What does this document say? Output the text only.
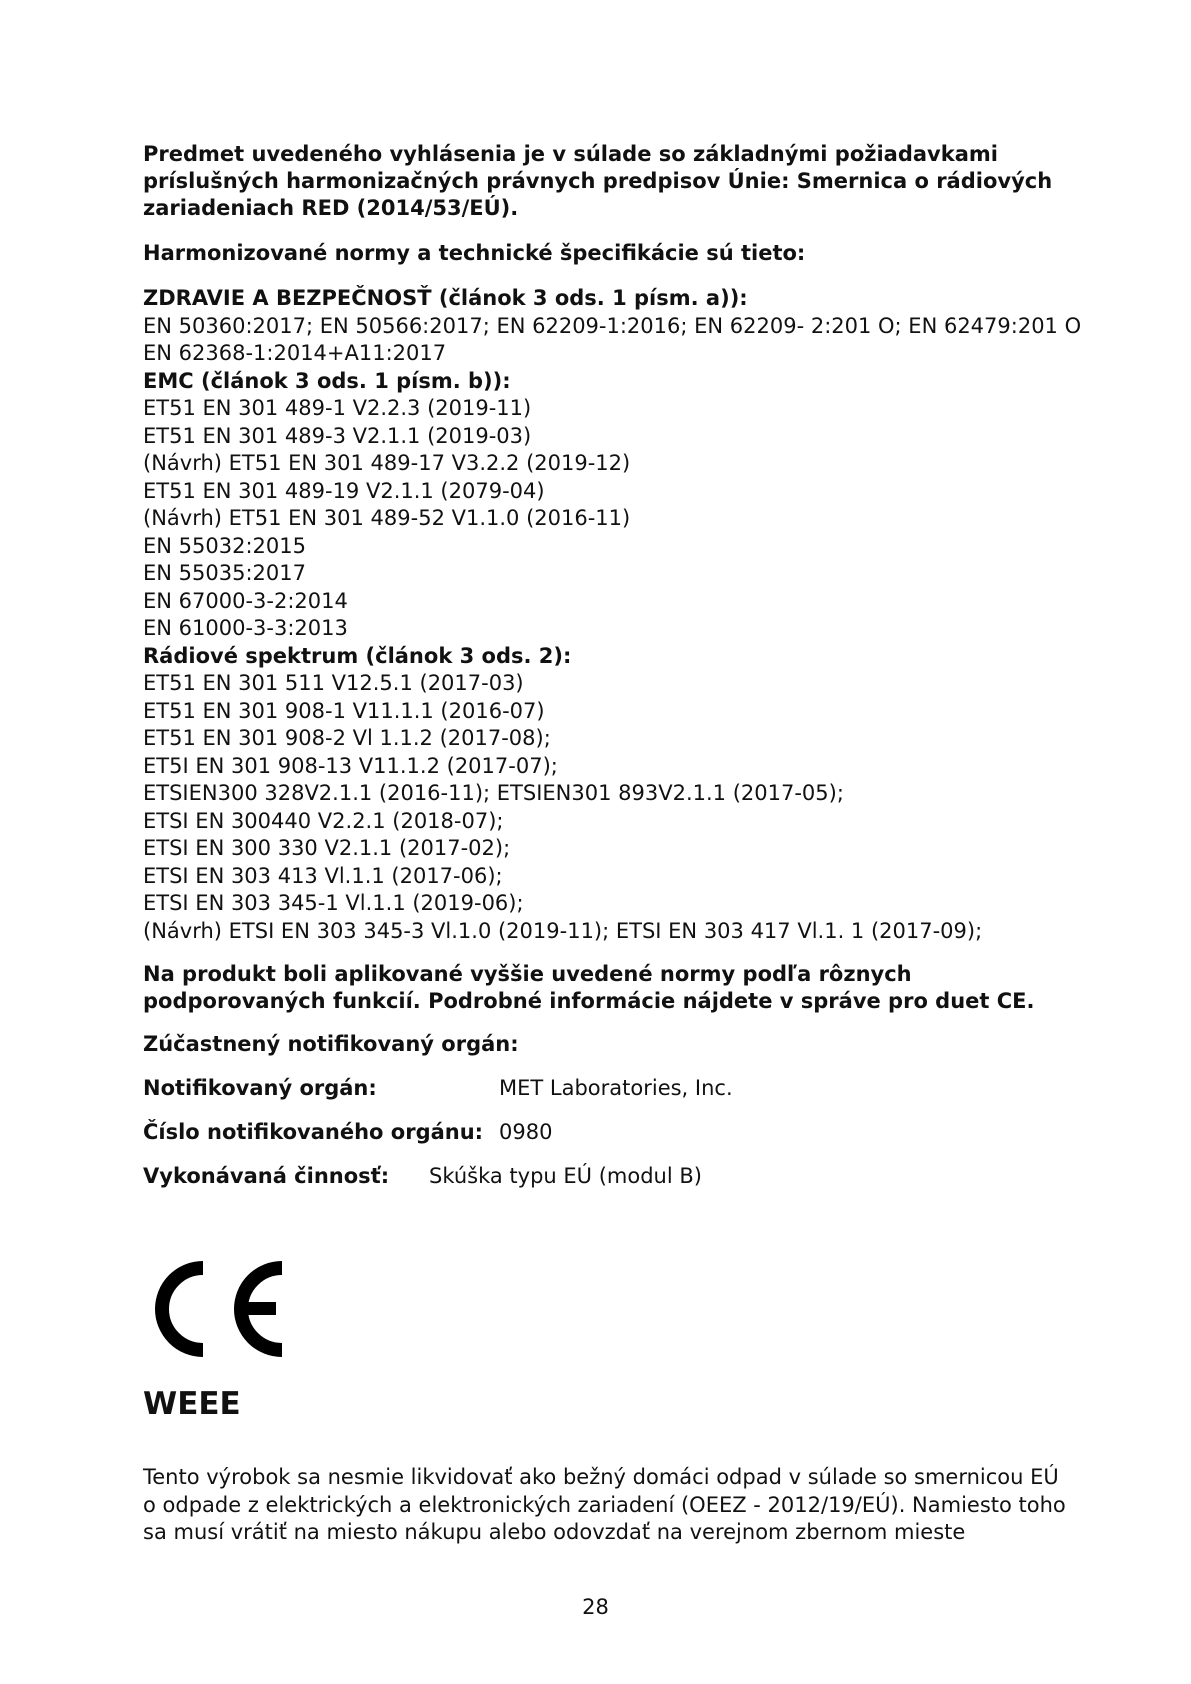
Predmet uvedeného vyhlásenia je v súlade so základnými požiadavkami príslušných harmonizačných právnych predpisov Únie: Smernica o rádiových zariadeniach RED (2014/53/EÚ).

Harmonizované normy a technické špecifikácie sú tieto:

ZDRAVIE A BEZPEČNOSŤ (článok 3 ods. 1 písm. a)):

EN 50360:2017; EN 50566:2017; EN 62209-1:2016; EN 62209- 2:201 O; EN 62479:201 O

EN 62368-1:2014+A11:2017

EMC (článok 3 ods. 1 písm. b)):

ET51 EN 301 489-1 V2.2.3 (2019-11)

ET51 EN 301 489-3 V2.1.1 (2019-03)

(Návrh) ET51 EN 301 489-17 V3.2.2 (2019-12)

ET51 EN 301 489-19 V2.1.1 (2079-04)

(Návrh) ET51 EN 301 489-52 V1.1.0 (2016-11)

EN 55032:2015

EN 55035:2017

EN 67000-3-2:2014

EN 61000-3-3:2013

Rádiové spektrum (článok 3 ods. 2):

ET51 EN 301 511 V12.5.1 (2017-03)

ET51 EN 301 908-1 V11.1.1 (2016-07)

ET51 EN 301 908-2 Vl 1.1.2 (2017-08);

ET5I EN 301 908-13 V11.1.2 (2017-07);

ETSIEN300 328V2.1.1 (2016-11); ETSIEN301 893V2.1.1 (2017-05);

ETSI EN 300440 V2.2.1 (2018-07);

ETSI EN 300 330 V2.1.1 (2017-02);

ETSI EN 303 413 Vl.1.1 (2017-06);

ETSI EN 303 345-1 Vl.1.1 (2019-06);

(Návrh) ETSI EN 303 345-3 Vl.1.0 (2019-11); ETSI EN 303 417 Vl.1. 1 (2017-09);

Na produkt boli aplikované vyššie uvedené normy podľa rôznych podporovaných funkcií. Podrobné informácie nájdete v správe pro duet CE.

Zúčastnený notifikovaný orgán:

Notifikovaný orgán:	MET Laboratories, Inc.

Číslo notifikovaného orgánu: 0980

Vykonávaná činnosť: Skúška typu EÚ (modul B)

WEEE

Tento výrobok sa nesmie likvidovať ako bežný domáci odpad v súlade so smernicou EÚ o odpade z elektrických a elektronických zariadení (OEEZ - 2012/19/EÚ). Namiesto toho sa musí vrátiť na miesto nákupu alebo odovzdať na verejnom zbernom mieste

28
